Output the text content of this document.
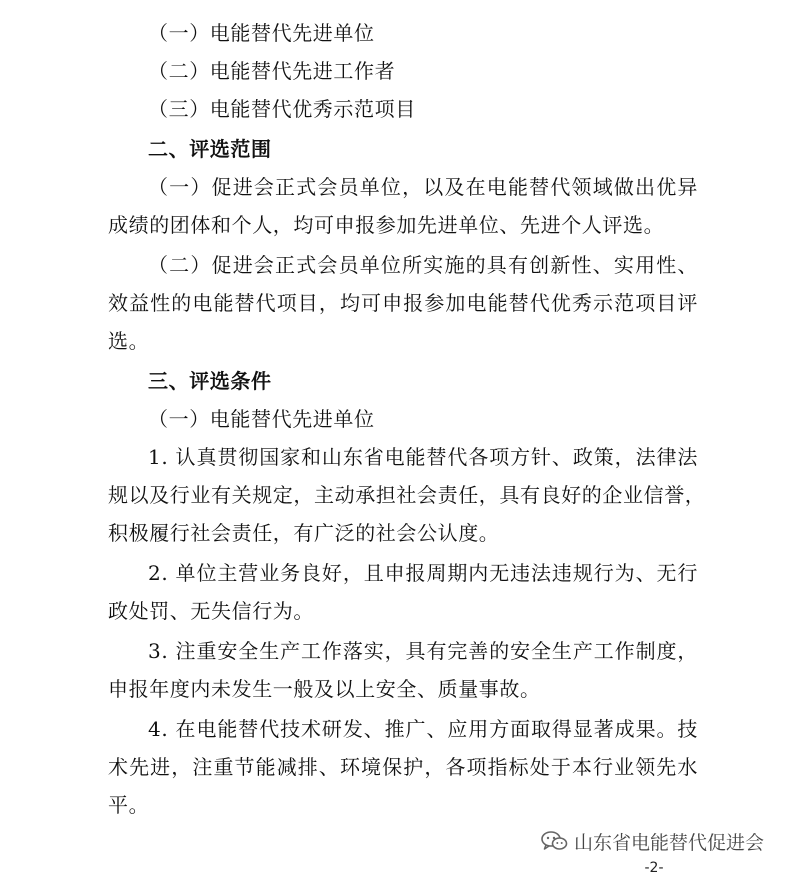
（一）电能替代先进单位
（二）电能替代先进工作者
（三）电能替代优秀示范项目
二、评选范围
（一）促进会正式会员单位，以及在电能替代领域做出优异
成绩的团体和个人，均可申报参加先进单位、先进个人评选。
（二）促进会正式会员单位所实施的具有创新性、实用性、
效益性的电能替代项目，均可申报参加电能替代优秀示范项目评
选。
三、评选条件
（一）电能替代先进单位
1. 认真贯彻国家和山东省电能替代各项方针、政策，法律法
规以及行业有关规定，主动承担社会责任，具有良好的企业信誉，
积极履行社会责任，有广泛的社会公认度。
2. 单位主营业务良好，且申报周期内无违法违规行为、无行
政处罚、无失信行为。
3. 注重安全生产工作落实，具有完善的安全生产工作制度，
申报年度内未发生一般及以上安全、质量事故。
4. 在电能替代技术研发、推广、应用方面取得显著成果。技
术先进，注重节能减排、环境保护，各项指标处于本行业领先水
平。
山东省电能替代促进会
-2-
